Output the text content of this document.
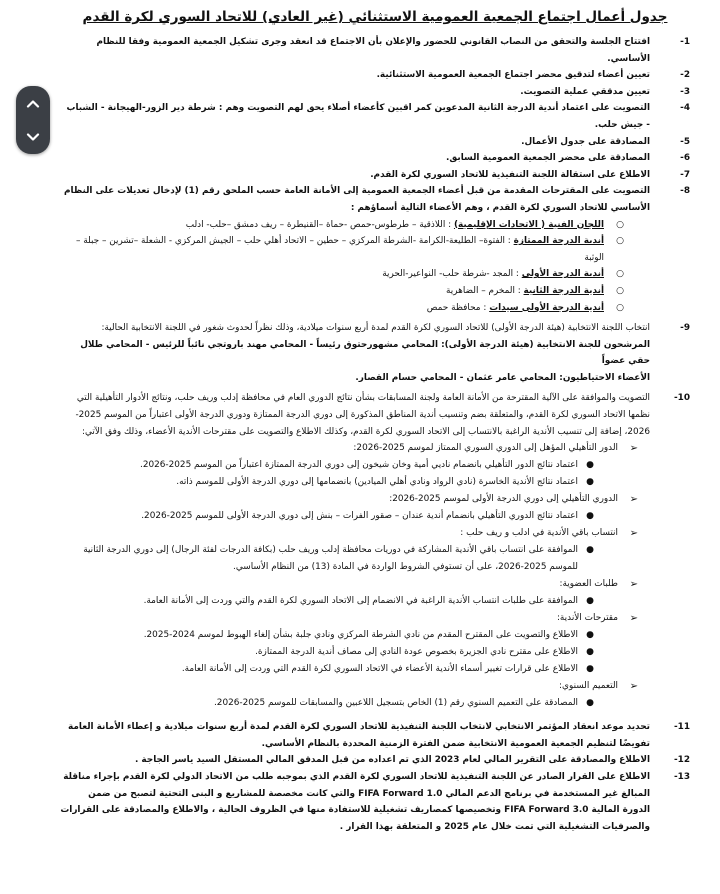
جدول أعمال اجتماع الجمعية العمومية الاستثنائي (غير العادي) للاتحاد السوري لكرة القدم
1-
افتتاح الجلسة والتحقق من النصاب القانوني للحضور والإعلان بأن الاجتماع قد انعقد وجرى تشكيل الجمعية العمومية وفقا للنظام الأساسي.
2-
تعيين أعضاء لتدقيق محضر اجتماع الجمعية العمومية الاستثنائية.
3-
تعيين مدققي عملية التصويت.
4-
التصويت على اعتماد أندية الدرجة الثانية المدعوين كمر اقبين كأعضاء أصلاء يحق لهم التصويت وهم : شرطة دير الزور-الهيجانة - الشباب - جيش حلب.
5-
المصادقة على جدول الأعمال.
6-
المصادقة على محضر الجمعية العمومية السابق.
7-
الاطلاع على استقالة اللجنة التنفيذية للاتحاد السوري لكرة القدم.
8-
التصويت على المقترحات المقدمة من قبل أعضاء الجمعية العمومية إلى الأمانة العامة حسب الملحق رقم (1) لإدخال تعديلات على النظام الأساسي للاتحاد السوري لكرة القدم ، وهم الأعضاء التالية أسماؤهم :
○
اللجان الفنية ( الاتحادات الإقليمية) : اللاذقية – طرطوس-حمص -حماة –القنيطرة – ريف دمشق –حلب- ادلب
○
أندية الدرجة الممتازة : الفتوة– الطليعة-الكرامة -الشرطة المركزي – حطين – الاتحاد أهلي حلب – الجيش المركزي - الشعلة –تشرين – جبلة – الوثبة
○
أندية الدرجة الأولى : المجد -شرطة حلب- النواعير-الحرية
○
أندية الدرجة الثانية : المخرم – الضاهرية
○
أندية الدرجة الأولى سيدات : محافظة حمص
9-
انتخاب اللجنة الانتخابية (هيئة الدرجة الأولى) للاتحاد السوري لكرة القدم لمدة أربع سنوات ميلادية، وذلك نظراً لحدوث شغور في اللجنة الانتخابية الحالية:
المرشحون للجنة الانتخابية (هيئة الدرجة الأولى): المحامي مشهورحتوق رئيساً - المحامي مهند باروتجي نائباً للرئيس - المحامي طلال حقي عضواً
الأعضاء الاحتياطيون: المحامي عامر عثمان - المحامي حسام القصار.
10-
التصويت والموافقة على الآلية المقترحة من الأمانة العامة ولجنة المسابقات بشأن نتائج الدوري العام في محافظة إدلب وريف حلب، ونتائج الأدوار التأهيلية التي نظمها الاتحاد السوري لكرة القدم، والمتعلقة بضم وتنسيب أندية المناطق المذكورة إلى دوري الدرجة الممتازة ودوري الدرجة الأولى اعتباراً من الموسم 2025-2026، إضافة إلى تنسيب الأندية الراغبة بالانتساب إلى الاتحاد السوري لكرة القدم، وكذلك الاطلاع والتصويت على مقترحات الأندية الأعضاء، وذلك وفق الآتي:
➢
الدور التأهيلي المؤهل إلى الدوري السوري الممتاز لموسم 2025-2026:
●
اعتماد نتائج الدور التأهيلي بانضمام ناديي أمية وخان شيخون إلى دوري الدرجة الممتازة اعتباراً من الموسم 2025-2026.
●
اعتماد نتائج الأندية الخاسرة (نادي الرواد ونادي أهلي الميادين) بانضمامها إلى دوري الدرجة الأولى للموسم ذاته.
➢
الدوري التأهيلي إلى دوري الدرجة الأولى لموسم 2025-2026:
●
اعتماد نتائج الدوري التأهيلي بانضمام أندية عندان – صقور الفرات – بنش إلى دوري الدرجة الأولى للموسم 2025-2026.
➢
انتساب باقي الأندية في ادلب و ريف حلب :
●
الموافقة على انتساب باقي الأندية المشاركة في دوريات محافظة إدلب وريف حلب (بكافة الدرجات لفئة الرجال) إلى دوري الدرجة الثانية للموسم 2025-2026، على أن تستوفي الشروط الواردة في المادة (13) من النظام الأساسي.
➢
طلبات العضوية:
●
الموافقة على طلبات انتساب الأندية الراغبة في الانضمام إلى الاتحاد السوري لكرة القدم والتي وردت إلى الأمانة العامة.
➢
مقترحات الأندية:
●
الاطلاع والتصويت على المقترح المقدم من نادي الشرطة المركزي ونادي جلبة بشأن إلغاء الهبوط لموسم 2024-2025.
●
الاطلاع على مقترح نادي الجزيرة بخصوص عودة النادي إلى مصاف أندية الدرجة الممتازة.
●
الاطلاع على قرارات تغيير أسماء الأندية الأعضاء في الاتحاد السوري لكرة القدم التي وردت إلى الأمانة العامة.
➢
التعميم السنوي:
●
المصادقة على التعميم السنوي رقم (1) الخاص بتسجيل اللاعبين والمسابقات للموسم 2025-2026.
11-
تحديد موعد انعقاد المؤتمر الانتخابي لانتخاب اللجنة التنفيذية للاتحاد السوري لكرة القدم لمدة أربع سنوات ميلادية و إعطاء الأمانة العامة تفويضًا لتنظيم الجمعية العمومية الانتخابية ضمن الفترة الزمنية المحددة بالنظام الأساسي.
12-
الاطلاع والمصادقة على التقرير المالي لعام 2023 الذي تم اعداده من قبل المدقق المالي المستقل السيد ياسر الجاجة .
13-
الاطلاع على القرار الصادر عن اللجنة التنفيذية للاتحاد السوري لكرة القدم الذي بموجبه طلب من الاتحاد الدولي لكرة القدم بإجراء مناقلة المبالغ غير المستخدمة في برنامج الدعم المالي FIFA Forward 1.0 والتي كانت مخصصة للمشاريع و البنى التحتية لتصبح من ضمن الدورة المالية FIFA Forward 3.0 وتخصيصها كمصاريف تشغيلية للاستفادة منها في الظروف الحالية ، والاطلاع والمصادقة على القرارات والصرفيات التشغيلية التي تمت خلال عام 2025 و المتعلقة بهذا القرار .
